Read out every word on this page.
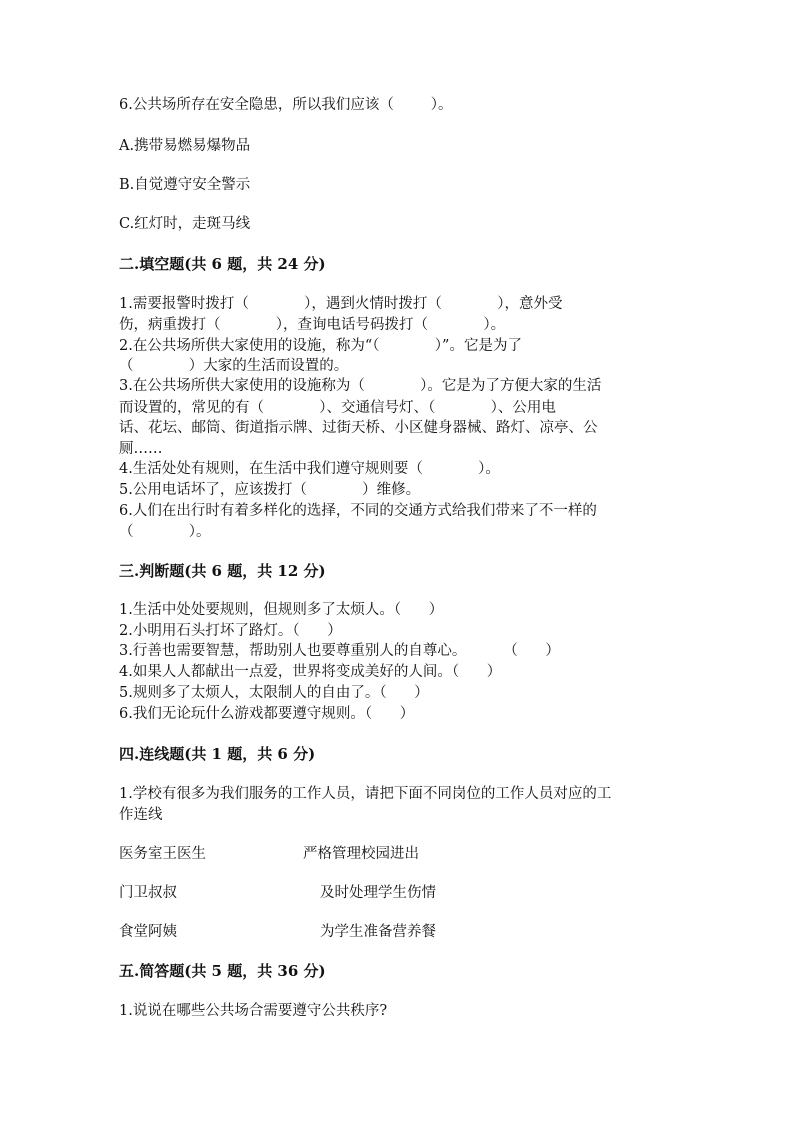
6.公共场所存在安全隐患，所以我们应该（        ）。

A.携带易燃易爆物品

B.自觉遵守安全警示

C.红灯时，走斑马线

二.填空题(共 6 题，共 24 分)

1.需要报警时拨打（            ），遇到火情时拨打（            ），意外受

伤，病重拨打（            ），查询电话号码拨打（            ）。

2.在公共场所供大家使用的设施，称为“（            ）”。它是为了

（            ）大家的生活而设置的。

3.在公共场所供大家使用的设施称为（            ）。它是为了方便大家的生活

而设置的，常见的有（            ）、交通信号灯、（            ）、公用电

话、花坛、邮筒、街道指示牌、过街天桥、小区健身器械、路灯、凉亭、公

厕……

4.生活处处有规则，在生活中我们遵守规则要（            ）。

5.公用电话坏了，应该拨打（            ）维修。

6.人们在出行时有着多样化的选择，不同的交通方式给我们带来了不一样的

（            ）。

三.判断题(共 6 题，共 12 分)

1.生活中处处要规则，但规则多了太烦人。（      ）

2.小明用石头打坏了路灯。（      ）

3.行善也需要智慧，帮助别人也要尊重别人的自尊心。        （      ）

4.如果人人都献出一点爱，世界将变成美好的人间。（      ）

5.规则多了太烦人，太限制人的自由了。（      ）

6.我们无论玩什么游戏都要遵守规则。（      ）

四.连线题(共 1 题，共 6 分)

1.学校有很多为我们服务的工作人员，请把下面不同岗位的工作人员对应的工

作连线

医务室王医生	严格管理校园进出

门卫叔叔	及时处理学生伤情

食堂阿姨	为学生准备营养餐

五.简答题(共 5 题，共 36 分)

1.说说在哪些公共场合需要遵守公共秩序?
